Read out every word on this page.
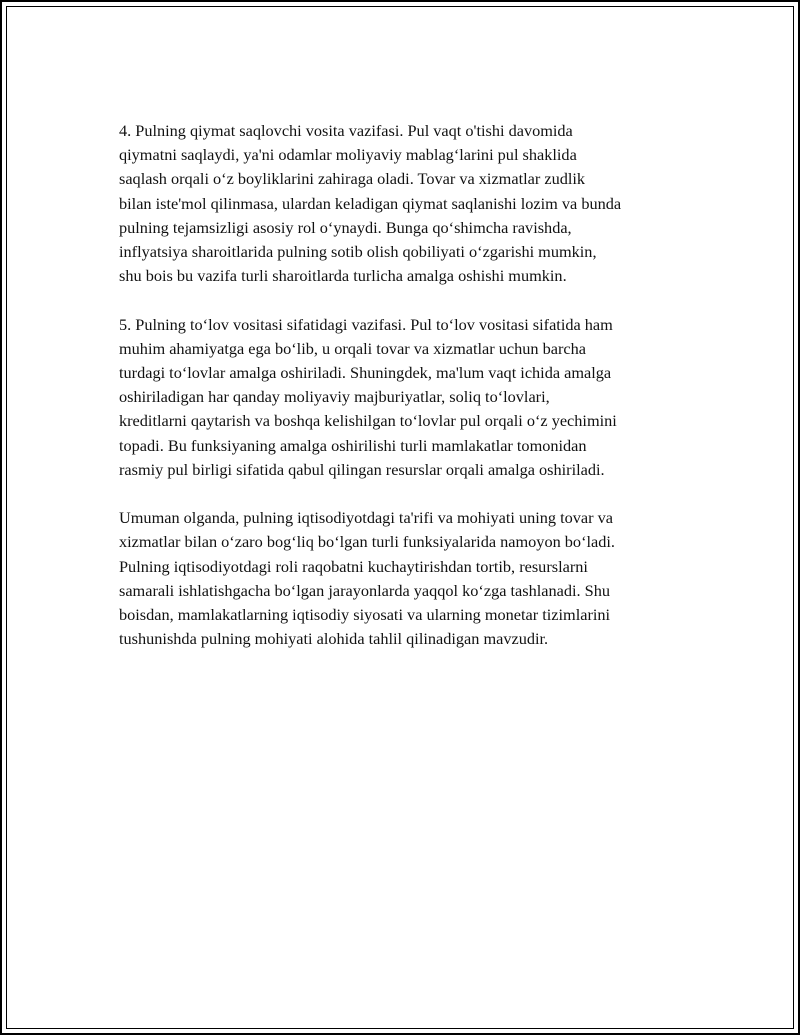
4. Pulning qiymat saqlovchi vosita vazifasi. Pul vaqt o'tishi davomida
qiymatni saqlaydi, ya'ni odamlar moliyaviy mablag‘larini pul shaklida
saqlash orqali o‘z boyliklarini zahiraga oladi. Tovar va xizmatlar zudlik
bilan iste'mol qilinmasa, ulardan keladigan qiymat saqlanishi lozim va bunda
pulning tejamsizligi asosiy rol o‘ynaydi. Bunga qo‘shimcha ravishda,
inflyatsiya sharoitlarida pulning sotib olish qobiliyati o‘zgarishi mumkin,
shu bois bu vazifa turli sharoitlarda turlicha amalga oshishi mumkin.

5. Pulning to‘lov vositasi sifatidagi vazifasi. Pul to‘lov vositasi sifatida ham
muhim ahamiyatga ega bo‘lib, u orqali tovar va xizmatlar uchun barcha
turdagi to‘lovlar amalga oshiriladi. Shuningdek, ma'lum vaqt ichida amalga
oshiriladigan har qanday moliyaviy majburiyatlar, soliq to‘lovlari,
kreditlarni qaytarish va boshqa kelishilgan to‘lovlar pul orqali o‘z yechimini
topadi. Bu funksiyaning amalga oshirilishi turli mamlakatlar tomonidan
rasmiy pul birligi sifatida qabul qilingan resurslar orqali amalga oshiriladi.

Umuman olganda, pulning iqtisodiyotdagi ta'rifi va mohiyati uning tovar va
xizmatlar bilan o‘zaro bog‘liq bo‘lgan turli funksiyalarida namoyon bo‘ladi.
Pulning iqtisodiyotdagi roli raqobatni kuchaytirishdan tortib, resurslarni
samarali ishlatishgacha bo‘lgan jarayonlarda yaqqol ko‘zga tashlanadi. Shu
boisdan, mamlakatlarning iqtisodiy siyosati va ularning monetar tizimlarini
tushunishda pulning mohiyati alohida tahlil qilinadigan mavzudir.
